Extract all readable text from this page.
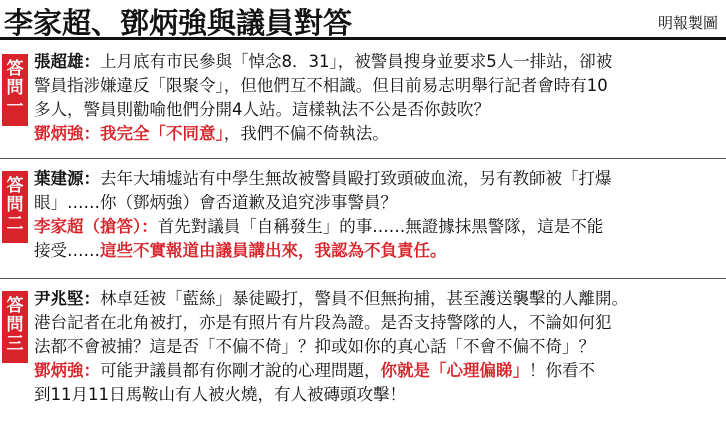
李家超、鄧炳強與議員對答	明報製圖
答
問
一
張超雄：上月底有市民參與「悼念8．31」，被警員搜身並要求5人一排站，卻被
警員指涉嫌違反「限聚令」，但他們互不相識。但目前易志明舉行記者會時有10
多人，警員則勸喻他們分開4人站。這樣執法不公是否你鼓吹？
鄧炳強：我完全「不同意」，我們不偏不倚執法。
答
問
二
葉建源：去年大埔墟站有中學生無故被警員毆打致頭破血流，另有教師被「打爆
眼」……你（鄧炳強）會否道歉及追究涉事警員？
李家超（搶答）：首先對議員「自稱發生」的事……無證據抹黑警隊，這是不能
接受……這些不實報道由議員講出來，我認為不負責任。
答
問
三
尹兆堅：林卓廷被「藍絲」暴徒毆打，警員不但無拘捕，甚至護送襲擊的人離開。
港台記者在北角被打，亦是有照片有片段為證。是否支持警隊的人，不論如何犯
法都不會被捕？這是否「不偏不倚」？抑或如你的真心話「不會不偏不倚」？
鄧炳強：可能尹議員都有你剛才說的心理問題，你就是「心理偏睇」！你看不
到11月11日馬鞍山有人被火燒，有人被磚頭攻擊！
